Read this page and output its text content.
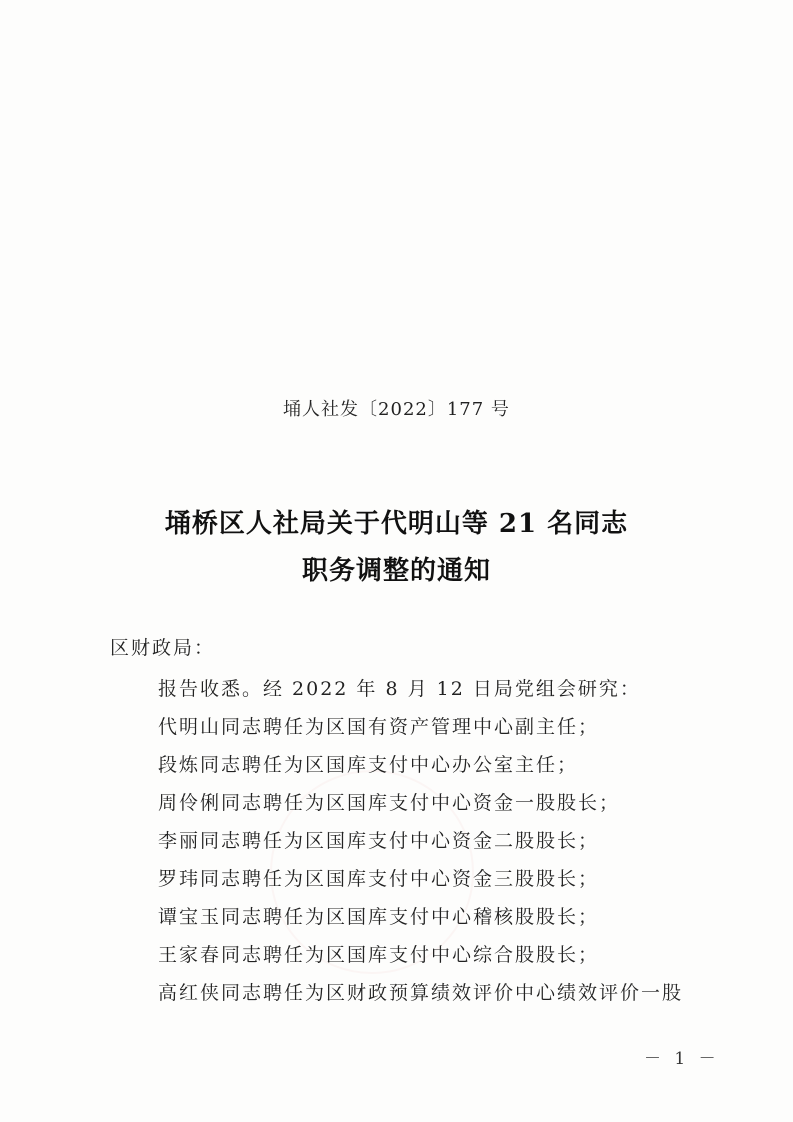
埇人社发〔2022〕177 号
埇桥区人社局关于代明山等 21 名同志
职务调整的通知
区财政局：
报告收悉。经 2022 年 8 月 12 日局党组会研究：
代明山同志聘任为区国有资产管理中心副主任；
段炼同志聘任为区国库支付中心办公室主任；
周伶俐同志聘任为区国库支付中心资金一股股长；
李丽同志聘任为区国库支付中心资金二股股长；
罗玮同志聘任为区国库支付中心资金三股股长；
谭宝玉同志聘任为区国库支付中心稽核股股长；
王家春同志聘任为区国库支付中心综合股股长；
高红侠同志聘任为区财政预算绩效评价中心绩效评价一股
－ 1 －
